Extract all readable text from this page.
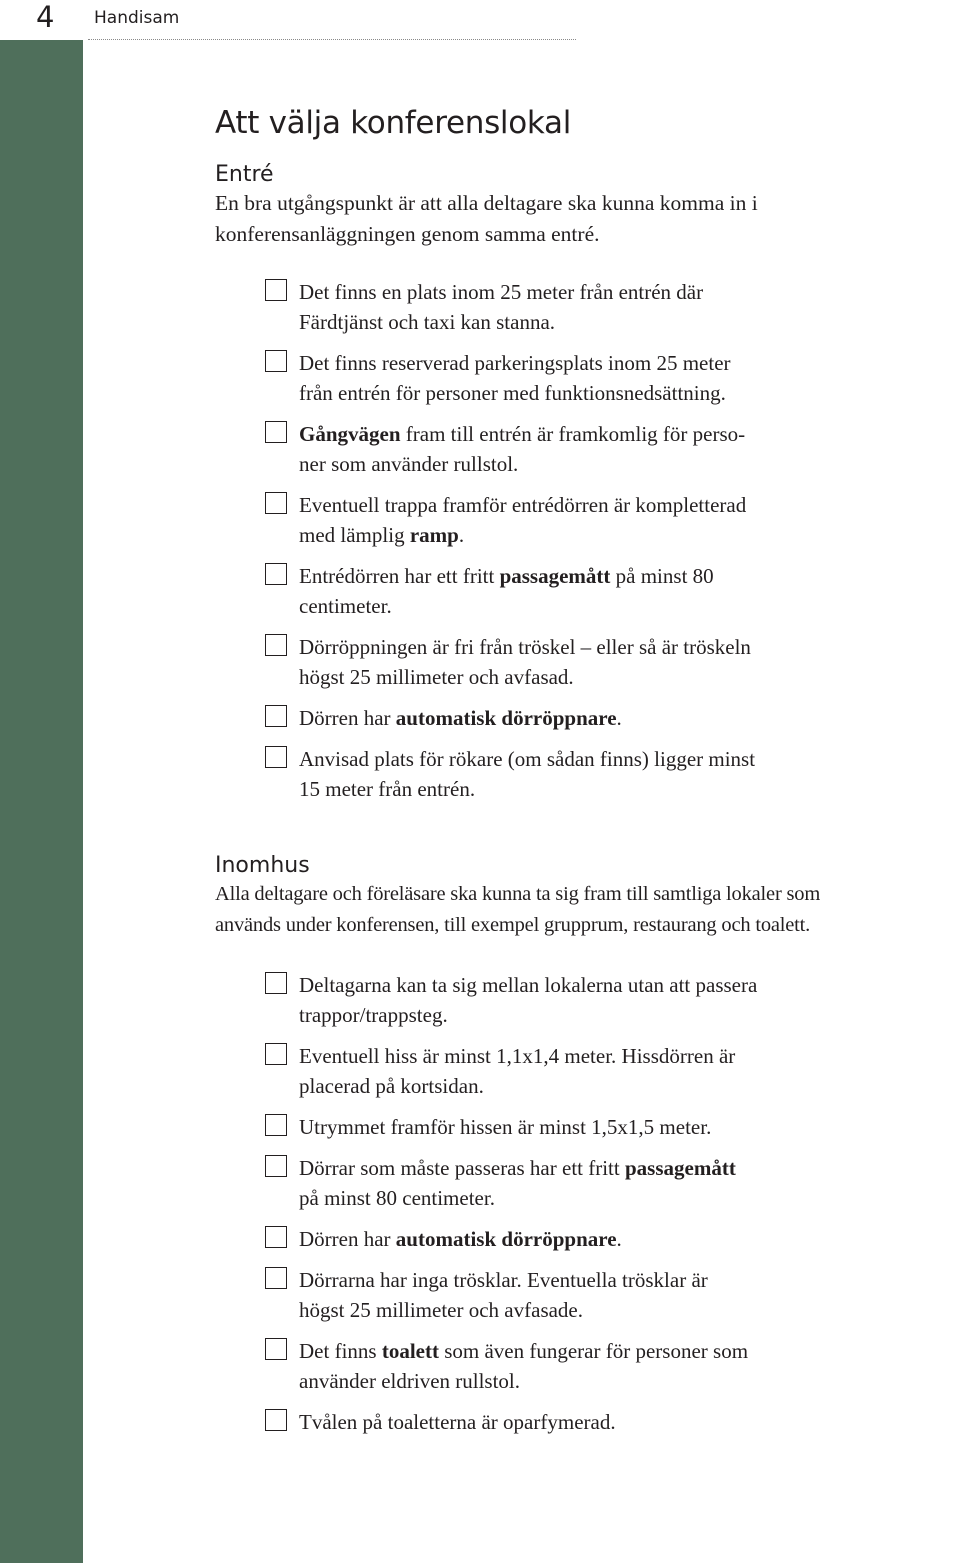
4 Handisam
Att välja konferenslokal
Entré

En bra utgångspunkt är att alla deltagare ska kunna komma in i
konferensanläggningen genom samma entré.

Det finns en plats inom 25 meter från entrén där
Färdtjänst och taxi kan stanna.
Det finns reserverad parkeringsplats inom 25 meter
från entrén för personer med funktionsnedsättning.
Gångvägen fram till entrén är framkomlig för perso-
ner som använder rullstol.
Eventuell trappa framför entrédörren är kompletterad
med lämplig ramp.
Entrédörren har ett fritt passagemått på minst 80
centimeter.
Dörröppningen är fri från tröskel – eller så är tröskeln
högst 25 millimeter och avfasad.
Dörren har automatisk dörröppnare.
Anvisad plats för rökare (om sådan finns) ligger minst
15 meter från entrén.
Inomhus

Alla deltagare och föreläsare ska kunna ta sig fram till samtliga lokaler som
används under konferensen, till exempel grupprum, restaurang och toalett.

Deltagarna kan ta sig mellan lokalerna utan att passera
trappor/trappsteg.
Eventuell hiss är minst 1,1x1,4 meter. Hissdörren är
placerad på kortsidan.
Utrymmet framför hissen är minst 1,5x1,5 meter.
Dörrar som måste passeras har ett fritt passagemått
på minst 80 centimeter.
Dörren har automatisk dörröppnare.
Dörrarna har inga trösklar. Eventuella trösklar är
högst 25 millimeter och avfasade.
Det finns toalett som även fungerar för personer som
använder eldriven rullstol.
Tvålen på toaletterna är oparfymerad.
